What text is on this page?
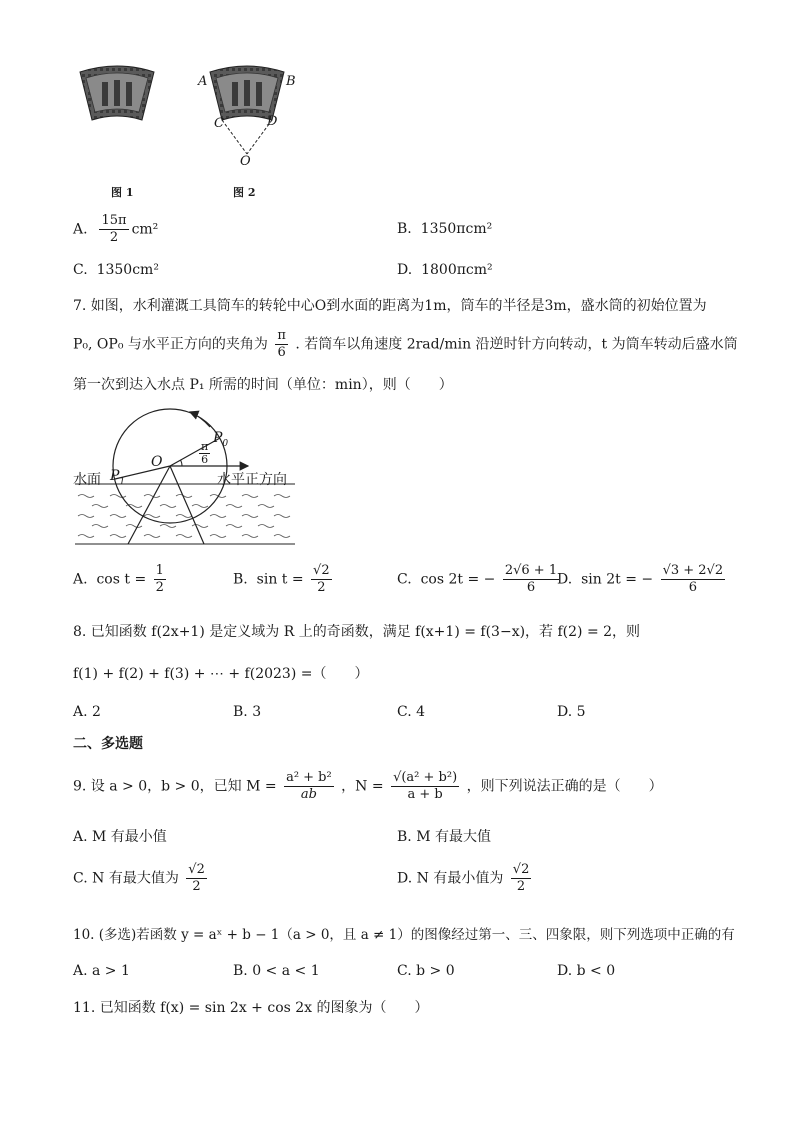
A	B
C	D
O
图 1	图 2
A. $\frac{15\pi}{2} cm^2$	B. 1350πcm²
C. 1350cm²	D. 1800πcm²
7. 如图，水利灌溉工具筒车的转轮中心O到水面的距离为1m，筒车的半径是3m，盛水筒的初始位置为
P₀, OP₀ 与水平正方向的夹角为 $\frac{\pi}{6}$ . 若筒车以角速度 2rad/min 沿逆时针方向转动，t 为筒车转动后盛水筒
第一次到达入水点 P₁ 所需的时间（单位：min），则（　　）
水面	水平正方向
O
$P_1$
$P_0$
$\frac{\pi}{6}$
A. $\cos t = \frac{1}{2}$	B. $\sin t = \frac{√2}{2}$	C. cos 2t = − $\frac{2√6 + 1}{6}$
D. sin 2t = − $\frac{√3 + 2√2}{6}$
8. 已知函数 f(2x+1) 是定义域为 R 上的奇函数，满足 f(x+1) = f(3−x)，若 f(2) = 2，则
f(1) + f(2) + f(3) + ⋯ + f(2023) =（　　）
A. 2	B. 3	C. 4	D. 5
二、多选题
9. 设 a > 0，b > 0，已知 $M = \frac{\text{a² + b²}}{ab}$ ，$N = \frac{\text{√(a² + b²)}}{a + b}$ ，则下列说法正确的是（　　）
A. M 有最小值	B. M 有最大值
C. N 有最大值为 $\frac{√2}{2}$	D. N 有最小值为 $\frac{√2}{2}$
10. (多选)若函数 y = aˣ + b − 1（a > 0，且 a ≠ 1）的图像经过第一、三、四象限，则下列选项中正确的有
A. a > 1	B. 0 < a < 1	C. b > 0	D. b < 0
11. 已知函数 f(x) = sin 2x + cos 2x 的图象为（　　）
